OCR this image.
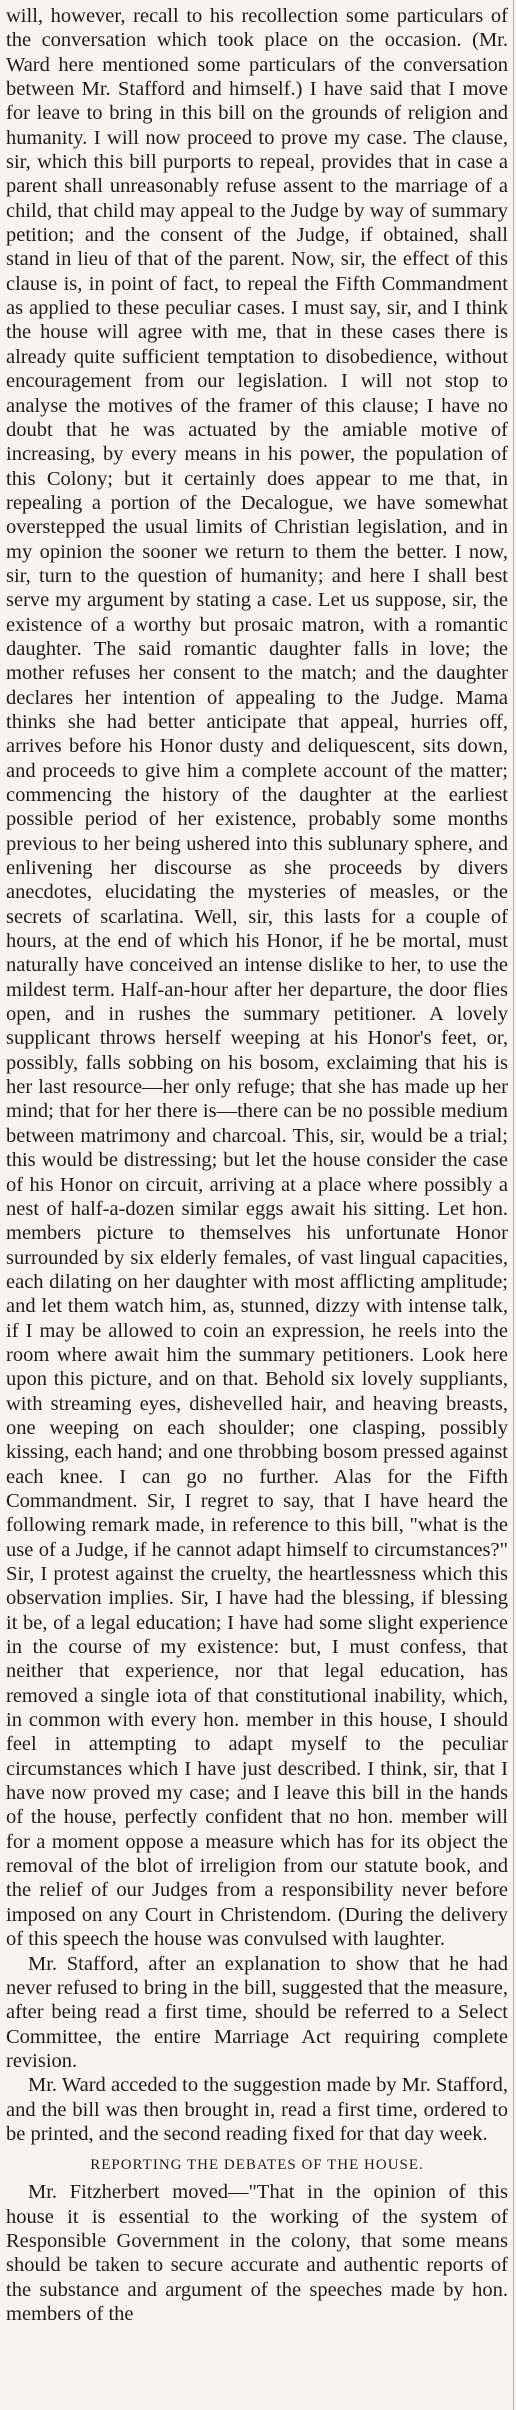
will, however, recall to his recollection some particulars of the conversation which took place on the occasion. (Mr. Ward here mentioned some particulars of the conversation between Mr. Stafford and himself.) I have said that I move for leave to bring in this bill on the grounds of religion and humanity. I will now proceed to prove my case. The clause, sir, which this bill purports to repeal, provides that in case a parent shall unreasonably refuse assent to the marriage of a child, that child may appeal to the Judge by way of summary petition; and the consent of the Judge, if obtained, shall stand in lieu of that of the parent. Now, sir, the effect of this clause is, in point of fact, to repeal the Fifth Commandment as applied to these peculiar cases. I must say, sir, and I think the house will agree with me, that in these cases there is already quite sufficient temptation to disobedience, without encouragement from our legislation. I will not stop to analyse the motives of the framer of this clause; I have no doubt that he was actuated by the amiable motive of increasing, by every means in his power, the population of this Colony; but it certainly does appear to me that, in repealing a portion of the Decalogue, we have somewhat overstepped the usual limits of Christian legislation, and in my opinion the sooner we return to them the better. I now, sir, turn to the question of humanity; and here I shall best serve my argument by stating a case. Let us suppose, sir, the existence of a worthy but prosaic matron, with a romantic daughter. The said romantic daughter falls in love; the mother refuses her consent to the match; and the daughter declares her intention of appealing to the Judge. Mama thinks she had better anticipate that appeal, hurries off, arrives before his Honor dusty and deliquescent, sits down, and proceeds to give him a complete account of the matter; commencing the history of the daughter at the earliest possible period of her existence, probably some months previous to her being ushered into this sublunary sphere, and enlivening her discourse as she proceeds by divers anecdotes, elucidating the mysteries of measles, or the secrets of scarlatina. Well, sir, this lasts for a couple of hours, at the end of which his Honor, if he be mortal, must naturally have conceived an intense dislike to her, to use the mildest term. Half-an-hour after her departure, the door flies open, and in rushes the summary petitioner. A lovely supplicant throws herself weeping at his Honor's feet, or, possibly, falls sobbing on his bosom, exclaiming that his is her last resource—her only refuge; that she has made up her mind; that for her there is—there can be no possible medium between matrimony and charcoal. This, sir, would be a trial; this would be distressing; but let the house consider the case of his Honor on circuit, arriving at a place where possibly a nest of half-a-dozen similar eggs await his sitting. Let hon. members picture to themselves his unfortunate Honor surrounded by six elderly females, of vast lingual capacities, each dilating on her daughter with most afflicting amplitude; and let them watch him, as, stunned, dizzy with intense talk, if I may be allowed to coin an expression, he reels into the room where await him the summary petitioners. Look here upon this picture, and on that. Behold six lovely suppliants, with streaming eyes, dishevelled hair, and heaving breasts, one weeping on each shoulder; one clasping, possibly kissing, each hand; and one throbbing bosom pressed against each knee. I can go no further. Alas for the Fifth Commandment. Sir, I regret to say, that I have heard the following remark made, in reference to this bill, "what is the use of a Judge, if he cannot adapt himself to circumstances?" Sir, I protest against the cruelty, the heartlessness which this observation implies. Sir, I have had the blessing, if blessing it be, of a legal education; I have had some slight experience in the course of my existence: but, I must confess, that neither that experience, nor that legal education, has removed a single iota of that constitutional inability, which, in common with every hon. member in this house, I should feel in attempting to adapt myself to the peculiar circumstances which I have just described. I think, sir, that I have now proved my case; and I leave this bill in the hands of the house, perfectly confident that no hon. member will for a moment oppose a measure which has for its object the removal of the blot of irreligion from our statute book, and the relief of our Judges from a responsibility never before imposed on any Court in Christendom. (During the delivery of this speech the house was convulsed with laughter.

Mr. Stafford, after an explanation to show that he had never refused to bring in the bill, suggested that the measure, after being read a first time, should be referred to a Select Committee, the entire Marriage Act requiring complete revision.

Mr. Ward acceded to the suggestion made by Mr. Stafford, and the bill was then brought in, read a first time, ordered to be printed, and the second reading fixed for that day week.

REPORTING THE DEBATES OF THE HOUSE.

Mr. Fitzherbert moved—"That in the opinion of this house it is essential to the working of the system of Responsible Government in the colony, that some means should be taken to secure accurate and authentic reports of the substance and argument of the speeches made by hon. members of the
